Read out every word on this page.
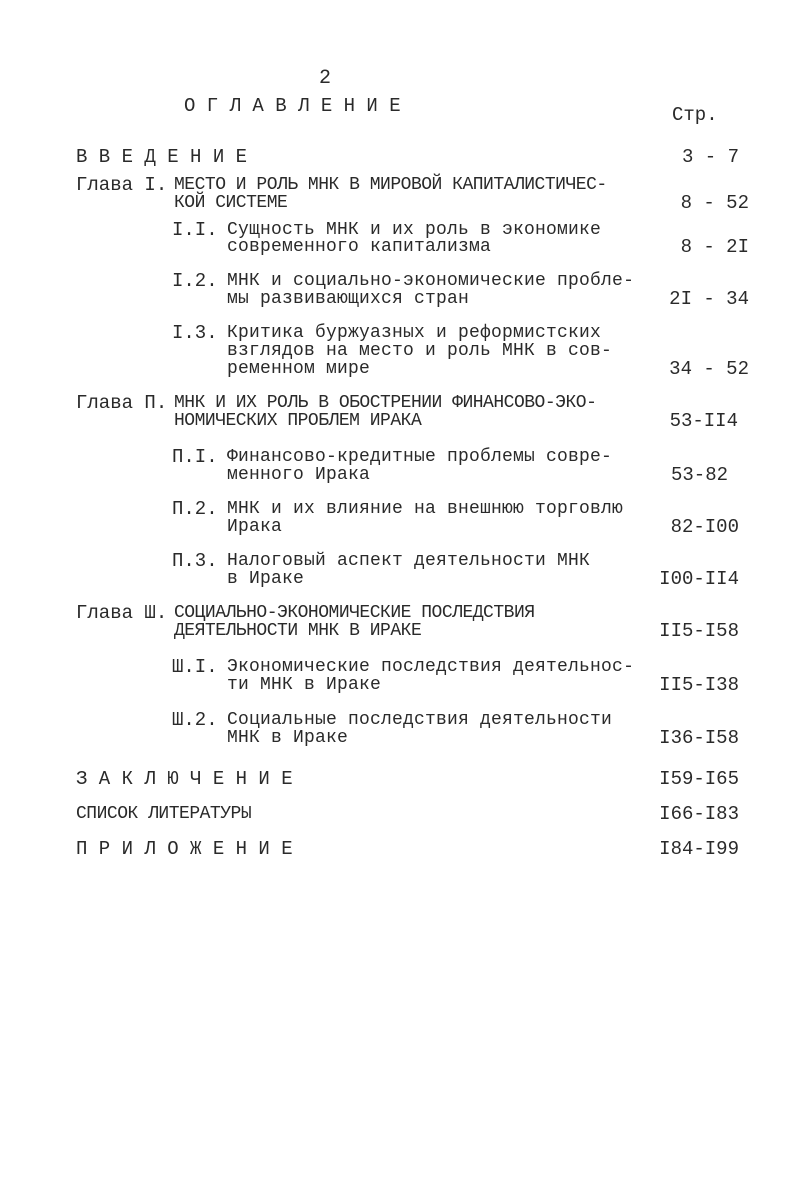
2
О Г Л А В Л Е Н И Е	Стр.
В В Е Д Е Н И Е	3 - 7
Глава I. МЕСТО И РОЛЬ МНК В МИРОВОЙ КАПИТАЛИСТИЧЕС-
КОЙ СИСТЕМЕ	8 - 52
I.I. Сущность МНК и их роль в экономике
современного капитализма	8 - 2I
I.2. МНК и социально-экономические пробле-
мы развивающихся стран	2I - 34
I.3. Критика буржуазных и реформистских
взглядов на место и роль МНК в сов-
ременном мире	34 - 52
Глава П. МНК И ИХ РОЛЬ В ОБОСТРЕНИИ ФИНАНСОВО-ЭКО-
НОМИЧЕСКИХ ПРОБЛЕМ ИРАКА	53-II4
П.I. Финансово-кредитные проблемы совре-
менного Ирака	53-82
П.2. МНК и их влияние на внешнюю торговлю
Ирака	82-I00
П.3. Налоговый аспект деятельности МНК
в Ираке	I00-II4
Глава Ш. СОЦИАЛЬНО-ЭКОНОМИЧЕСКИЕ ПОСЛЕДСТВИЯ
ДЕЯТЕЛЬНОСТИ МНК В ИРАКЕ	II5-I58
Ш.I. Экономические последствия деятельнос-
ти МНК в Ираке	II5-I38
Ш.2. Социальные последствия деятельности
МНК в Ираке	I36-I58
З А К Л Ю Ч Е Н И Е	I59-I65
СПИСОК ЛИТЕРАТУРЫ	I66-I83
П Р И Л О Ж Е Н И Е	I84-I99
